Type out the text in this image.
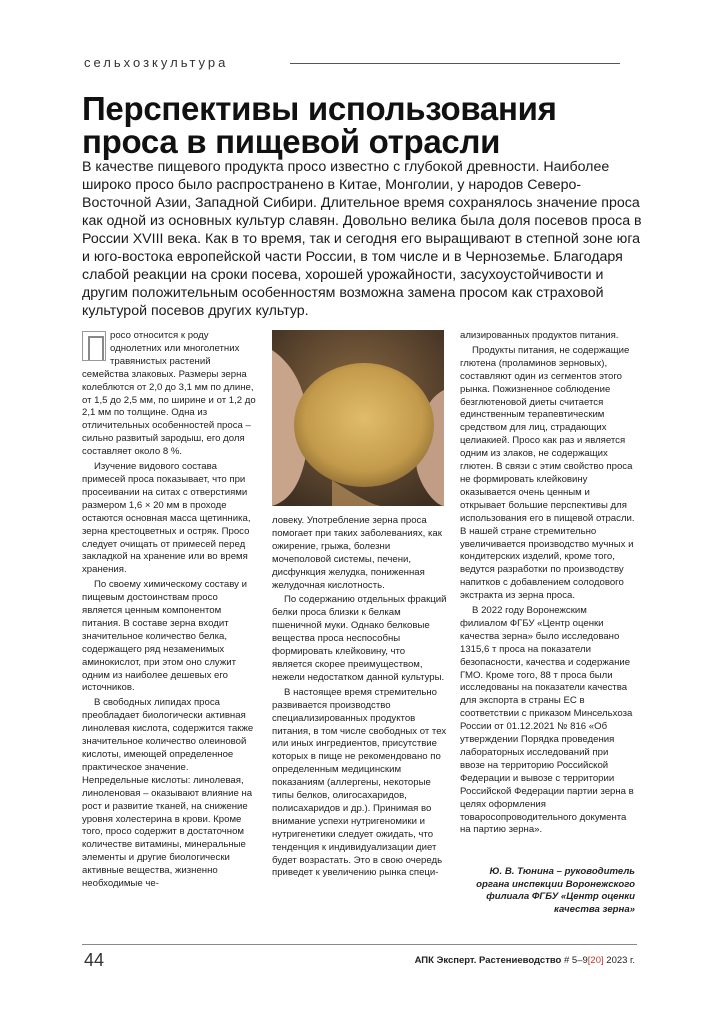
сельхозкультура
Перспективы использования проса в пищевой отрасли

В качестве пищевого продукта просо известно с глубокой древности. Наиболее широко просо было распространено в Китае, Монголии, у народов Северо-Восточной Азии, Западной Сибири. Длительное время сохранялось значение проса как одной из основных культур славян. Довольно велика была доля посевов проса в России XVIII века. Как в то время, так и сегодня его выращивают в степной зоне юга и юго-востока европейской части России, в том числе и в Черноземье. Благодаря слабой реакции на сроки посева, хорошей урожайности, засухоустойчивости и другим положительным особенностям возможна замена просом как страховой культурой посевов других культур.

росо относится к роду однолетних или многолетних травянистых растений семейства злаковых. Размеры зерна колеблются от 2,0 до 3,1 мм по длине, от 1,5 до 2,5 мм, по ширине и от 1,2 до 2,1 мм по толщине. Одна из отличительных особенностей проса – сильно развитый зародыш, его доля составляет около 8 %.

Изучение видового состава примесей проса показывает, что при просеивании на ситах с отверстиями размером 1,6 × 20 мм в проходе остаются основная масса щетинника, зерна крестоцветных и остряк. Просо следует очищать от примесей перед закладкой на хранение или во время хранения.

По своему химическому составу и пищевым достоинствам просо является ценным компонентом питания. В составе зерна входит значительное количество белка, содержащего ряд незаменимых аминокислот, при этом оно служит одним из наиболее дешевых его источников.

В свободных липидах проса преобладает биологически активная линолевая кислота, содержится также значительное количество олеиновой кислоты, имеющей определенное практическое значение. Непредельные кислоты: линолевая, линоленовая – оказывают влияние на рост и развитие тканей, на снижение уровня холестерина в крови. Кроме того, просо содержит в достаточном количестве витамины, минеральные элементы и другие биологически активные вещества, жизненно необходимые че-

ловеку. Употребление зерна проса помогает при таких заболеваниях, как ожирение, грыжа, болезни мочеполовой системы, печени, дисфункция желудка, пониженная желудочная кислотность.

По содержанию отдельных фракций белки проса близки к белкам пшеничной муки. Однако белковые вещества проса неспособны формировать клейковину, что является скорее преимуществом, нежели недостатком данной культуры.

В настоящее время стремительно развивается производство специализированных продуктов питания, в том числе свободных от тех или иных ингредиентов, присутствие которых в пище не рекомендовано по определенным медицинским показаниям (аллергены, некоторые типы белков, олигосахаридов, полисахаридов и др.). Принимая во внимание успехи нутригеномики и нутригенетики следует ожидать, что тенденция к индивидуализации диет будет возрастать. Это в свою очередь приведет к увеличению рынка специ-

ализированных продуктов питания.

Продукты питания, не содержащие глютена (проламинов зерновых), составляют один из сегментов этого рынка. Пожизненное соблюдение безглютеновой диеты считается единственным терапевтическим средством для лиц, страдающих целиакией. Просо как раз и является одним из злаков, не содержащих глютен. В связи с этим свойство проса не формировать клейковину оказывается очень ценным и открывает большие перспективы для использования его в пищевой отрасли. В нашей стране стремительно увеличивается производство мучных и кондитерских изделий, кроме того, ведутся разработки по производству напитков с добавлением солодового экстракта из зерна проса.

В 2022 году Воронежским филиалом ФГБУ «Центр оценки качества зерна» было исследовано 1315,6 т проса на показатели безопасности, качества и содержание ГМО. Кроме того, 88 т проса были исследованы на показатели качества для экспорта в страны ЕС в соответствии с приказом Минсельхоза России от 01.12.2021 № 816 «Об утверждении Порядка проведения лабораторных исследований при ввозе на территорию Российской Федерации и вывозе с территории Российской Федерации партии зерна в целях оформления товаросопроводительного документа на партию зерна».

Ю. В. Тюнина – руководитель органа инспекции Воронежского филиала ФГБУ «Центр оценки качества зерна»
44	АПК Эксперт. Растениеводство # 5–9[20] 2023 г.
